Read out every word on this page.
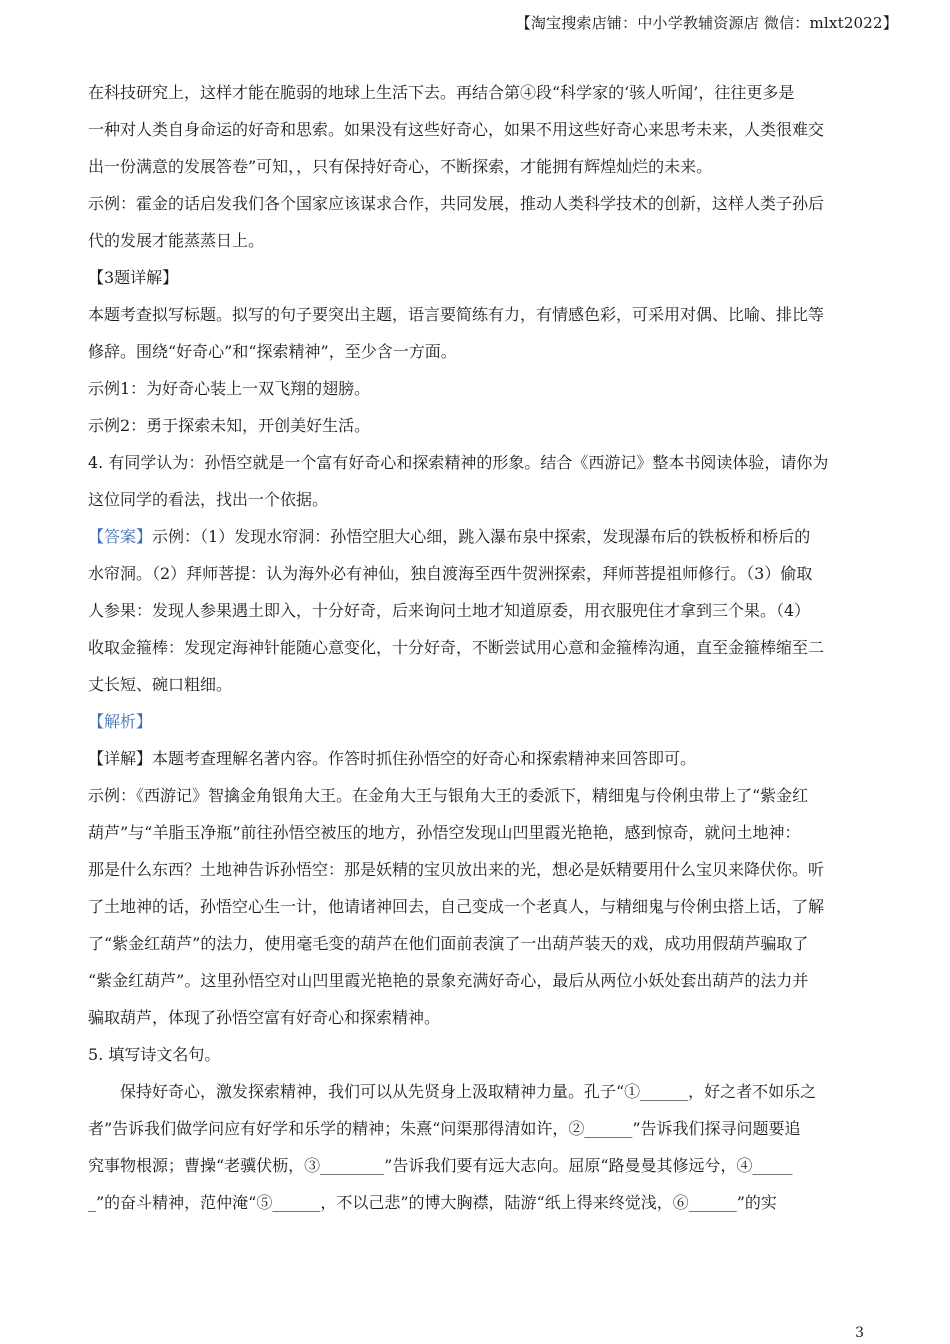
【淘宝搜索店铺：中小学教辅资源店 微信：mlxt2022】
在科技研究上，这样才能在脆弱的地球上生活下去。再结合第④段“科学家的‘骇人听闻’，往往更多是
一种对人类自身命运的好奇和思索。如果没有这些好奇心，如果不用这些好奇心来思考未来，人类很难交
出一份满意的发展答卷”可知，，只有保持好奇心，不断探索，才能拥有辉煌灿烂的未来。
示例：霍金的话启发我们各个国家应该谋求合作，共同发展，推动人类科学技术的创新，这样人类子孙后
代的发展才能蒸蒸日上。
【3题详解】
本题考查拟写标题。拟写的句子要突出主题，语言要简练有力，有情感色彩，可采用对偶、比喻、排比等
修辞。围绕“好奇心”和“探索精神”，至少含一方面。
示例1：为好奇心装上一双飞翔的翅膀。
示例2：勇于探索未知，开创美好生活。
4. 有同学认为：孙悟空就是一个富有好奇心和探索精神的形象。结合《西游记》整本书阅读体验，请你为
这位同学的看法，找出一个依据。
【答案】示例：（1）发现水帘洞：孙悟空胆大心细，跳入瀑布泉中探索，发现瀑布后的铁板桥和桥后的
水帘洞。（2）拜师菩提：认为海外必有神仙，独自渡海至西牛贺洲探索，拜师菩提祖师修行。（3）偷取
人参果：发现人参果遇土即入，十分好奇，后来询问土地才知道原委，用衣服兜住才拿到三个果。（4）
收取金箍棒：发现定海神针能随心意变化，十分好奇，不断尝试用心意和金箍棒沟通，直至金箍棒缩至二
丈长短、碗口粗细。
【解析】
【详解】本题考查理解名著内容。作答时抓住孙悟空的好奇心和探索精神来回答即可。
示例：《西游记》智擒金角银角大王。在金角大王与银角大王的委派下，精细鬼与伶俐虫带上了“紫金红
葫芦”与“羊脂玉净瓶”前往孙悟空被压的地方，孙悟空发现山凹里霞光艳艳，感到惊奇，就问土地神：
那是什么东西？土地神告诉孙悟空：那是妖精的宝贝放出来的光，想必是妖精要用什么宝贝来降伏你。听
了土地神的话，孙悟空心生一计，他请诸神回去，自己变成一个老真人，与精细鬼与伶俐虫搭上话，了解
了“紫金红葫芦”的法力，使用毫毛变的葫芦在他们面前表演了一出葫芦装天的戏，成功用假葫芦骗取了
“紫金红葫芦”。这里孙悟空对山凹里霞光艳艳的景象充满好奇心，最后从两位小妖处套出葫芦的法力并
骗取葫芦，体现了孙悟空富有好奇心和探索精神。
5. 填写诗文名句。
保持好奇心，激发探索精神，我们可以从先贤身上汲取精神力量。孔子“①______，好之者不如乐之
者”告诉我们做学问应有好学和乐学的精神；朱熹“问渠那得清如许，②______”告诉我们探寻问题要追
究事物根源；曹操“老骥伏枥，③________”告诉我们要有远大志向。屈原“路曼曼其修远兮，④_____
_”的奋斗精神，范仲淹“⑤______，不以己悲”的博大胸襟，陆游“纸上得来终觉浅，⑥______”的实
3
